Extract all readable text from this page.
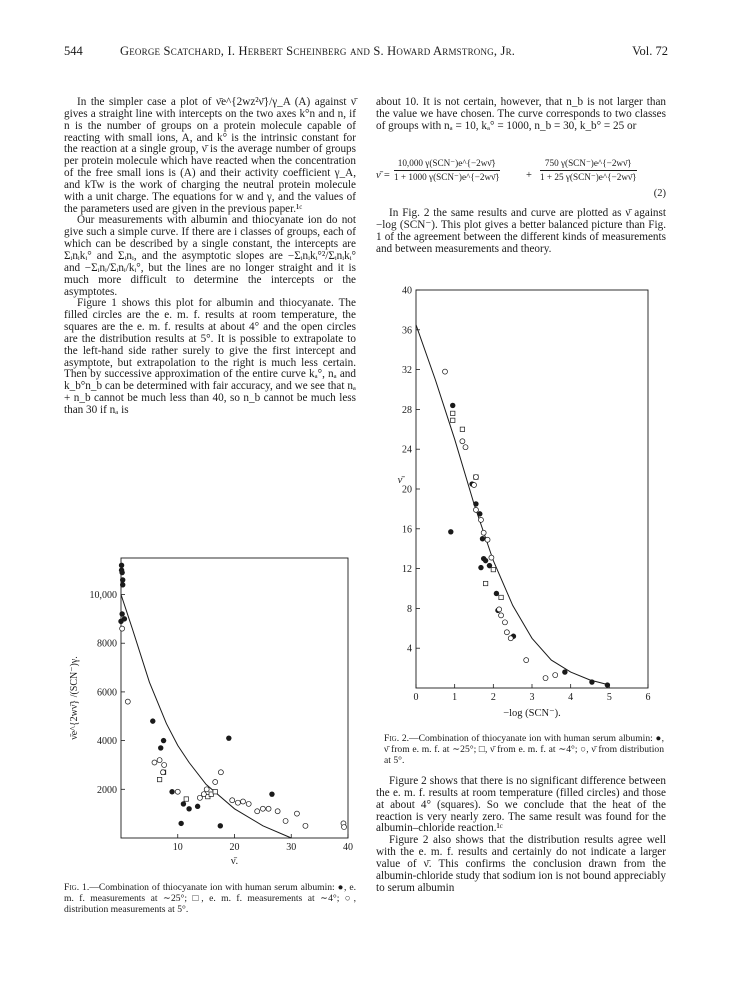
544	George Scatchard, I. Herbert Scheinberg and S. Howard Armstrong, Jr.	Vol. 72

In the simpler case a plot of ν̄e^{2wz²ν̄}/γ_A (A) against ν̄ gives a straight line with intercepts on the two axes k°n and n, if n is the number of groups on a protein molecule capable of reacting with small ions, A, and k° is the intrinsic constant for the reaction at a single group, ν̄ is the average number of groups per protein molecule which have reacted when the concentration of the free small ions is (A) and their activity coefficient γ_A, and kTw is the work of charging the neutral protein molecule with a unit charge. The equations for w and γ, and the values of the parameters used are given in the previous paper.¹ᶜ

Our measurements with albumin and thiocyanate ion do not give such a simple curve. If there are i classes of groups, each of which can be described by a single constant, the intercepts are Σᵢnᵢkᵢ° and Σᵢnᵢ, and the asymptotic slopes are −Σᵢnᵢkᵢ°²/Σᵢnᵢkᵢ° and −Σᵢnᵢ/Σᵢnᵢ/kᵢ°, but the lines are no longer straight and it is much more difficult to determine the intercepts or the asymptotes.

Figure 1 shows this plot for albumin and thiocyanate. The filled circles are the e. m. f. results at room temperature, the squares are the e. m. f. results at about 4° and the open circles are the distribution results at 5°. It is possible to extrapolate to the left-hand side rather surely to give the first intercept and asymptote, but extrapolation to the right is much less certain. Then by successive approximation of the entire curve kₐ°, nₐ and k_b°n_b can be determined with fair accuracy, and we see that nₐ + n_b cannot be much less than 40, so n_b cannot be much less than 30 if nₐ is

about 10. It is not certain, however, that n_b is not larger than the value we have chosen. The curve corresponds to two classes of groups with nₐ = 10, kₐ° = 1000, n_b = 30, k_b° = 25 or

ν̄ =
10,000 γ(SCN⁻)e^{−2wν̄}
1 + 1000 γ(SCN⁻)e^{−2wν̄}	+
750 γ(SCN⁻)e^{−2wν̄}
1 + 25 γ(SCN⁻)e^{−2wν̄}
(2)

In Fig. 2 the same results and curve are plotted as ν̄ against −log (SCN⁻). This plot gives a better balanced picture than Fig. 1 of the agreement between the different kinds of measurements and between measurements and theory.

10	20	30	40
2000
4000
6000
8000
10,000
ν̄.
ν̄e^{2wν̄} /(SCN⁻)γ.	0	1	2	3	4	5	6
4
8
12
16
20
24
28
32
36
40
−log (SCN⁻).
ν̄
Fig. 1.—Combination of thiocyanate ion with human serum albumin: ●, e. m. f. measurements at ∼25°; □, e. m. f. measurements at ∼4°; ○, distribution measurements at 5°.
Fig. 2.—Combination of thiocyanate ion with human serum albumin: ●, ν̄ from e. m. f. at ∼25°; □, ν̄ from e. m. f. at ∼4°; ○, ν̄ from distribution at 5°.

Figure 2 shows that there is no significant difference between the e. m. f. results at room temperature (filled circles) and those at about 4° (squares). So we conclude that the heat of the reaction is very nearly zero. The same result was found for the albumin–chloride reaction.¹ᶜ

Figure 2 also shows that the distribution results agree well with the e. m. f. results and certainly do not indicate a larger value of ν̄. This confirms the conclusion drawn from the albumin-chloride study that sodium ion is not bound appreciably to serum albumin
